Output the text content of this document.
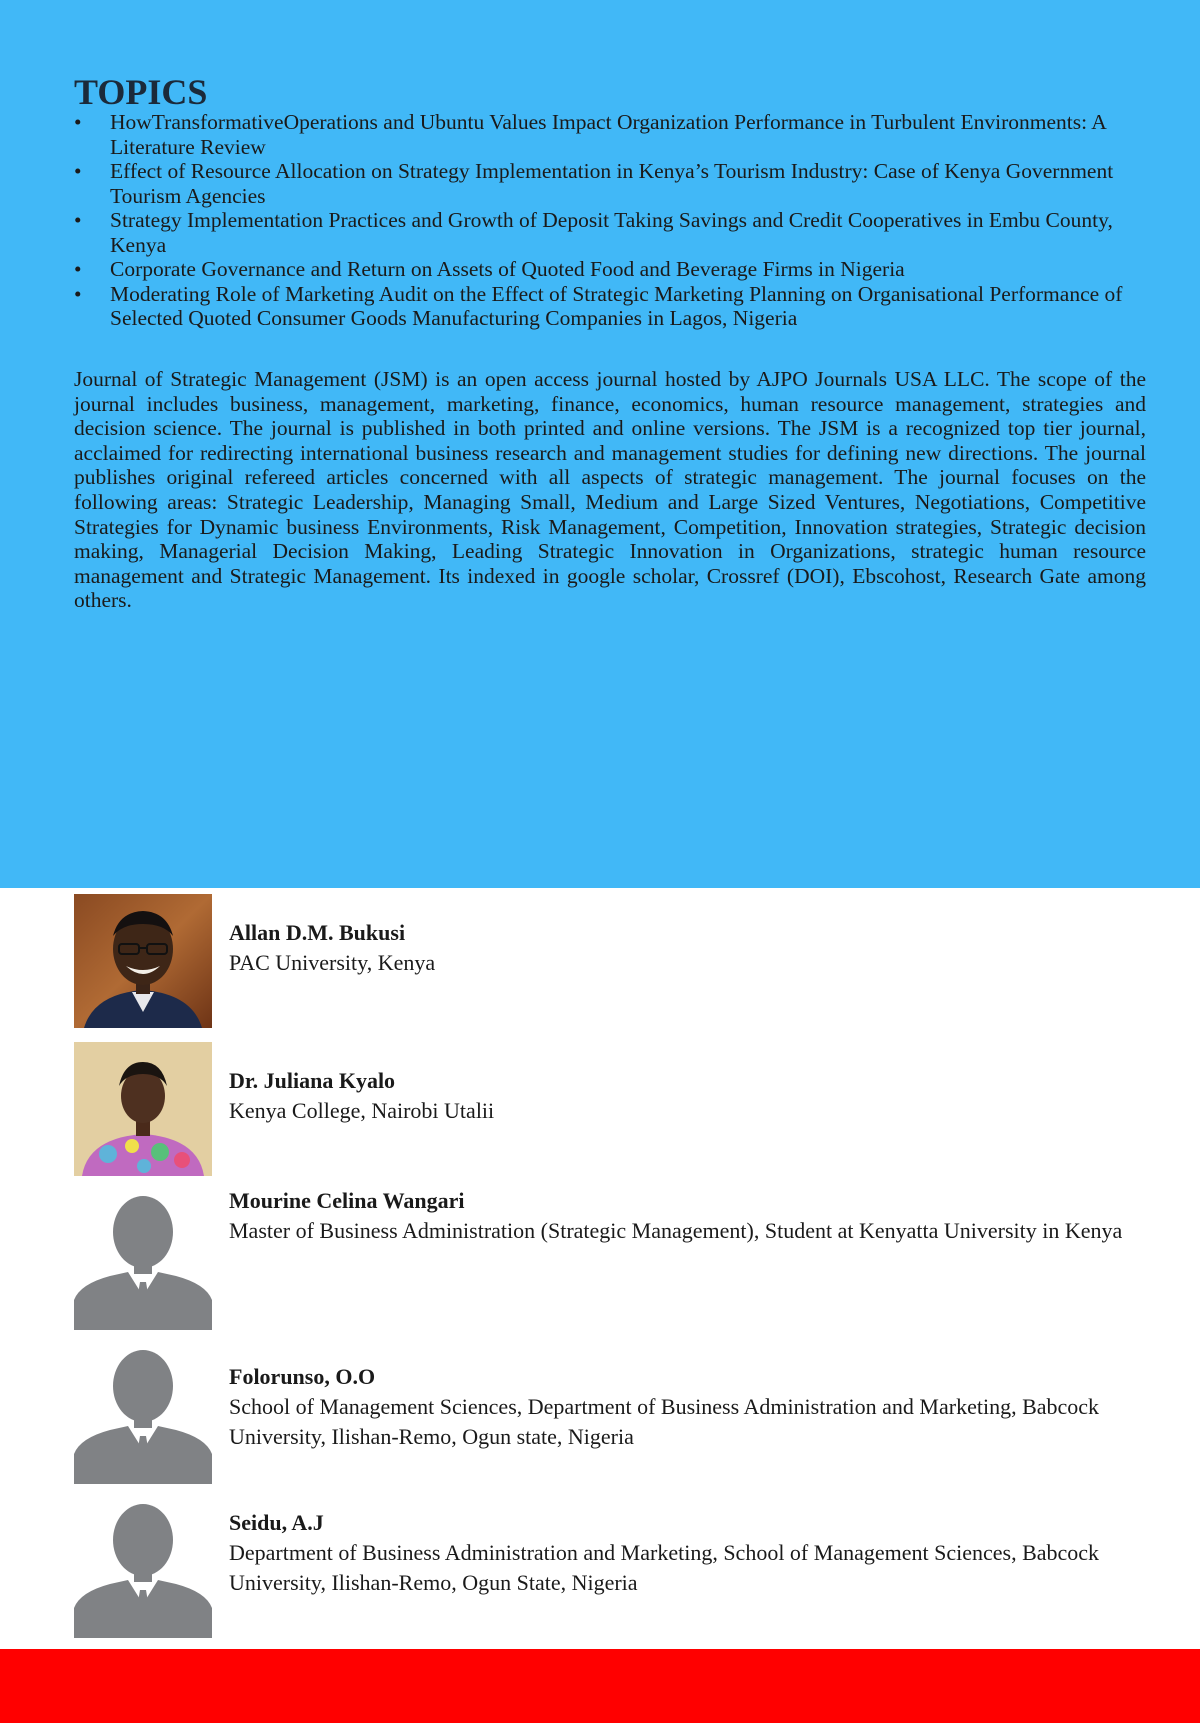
TOPICS
• HowTransformativeOperations and Ubuntu Values Impact Organization Performance in Turbulent Environments: A Literature Review
• Effect of Resource Allocation on Strategy Implementation in Kenya’s Tourism Industry: Case of Kenya Government Tourism Agencies
• Strategy Implementation Practices and Growth of Deposit Taking Savings and Credit Cooperatives in Embu County, Kenya
• Corporate Governance and Return on Assets of Quoted Food and Beverage Firms in Nigeria
• Moderating Role of Marketing Audit on the Effect of Strategic Marketing Planning on Organisational Performance of Selected Quoted Consumer Goods Manufacturing Companies in Lagos, Nigeria

Journal of Strategic Management (JSM) is an open access journal hosted by AJPO Journals USA LLC. The scope of the journal includes business, management, marketing, finance, economics, human resource management, strategies and decision science. The journal is published in both printed and online versions. The JSM is a recognized top tier journal, acclaimed for redirecting international business research and management studies for defining new directions. The journal publishes original refereed articles concerned with all aspects of strategic management. The journal focuses on the following areas: Strategic Leadership, Managing Small, Medium and Large Sized Ventures, Negotiations, Competitive Strategies for Dynamic business Environments, Risk Management, Competition, Innovation strategies, Strategic decision making, Managerial Decision Making, Leading Strategic Innovation in Organizations, strategic human resource management and Strategic Management. Its indexed in google scholar, Crossref (DOI), Ebscohost, Research Gate among others.

Allan D.M. Bukusi
PAC University, Kenya
Dr. Juliana Kyalo
Kenya College, Nairobi Utalii
Mourine Celina Wangari
Master of Business Administration (Strategic Management), Student at Kenyatta University in Kenya
Folorunso, O.O
School of Management Sciences, Department of Business Administration and Marketing, Babcock University, Ilishan-Remo, Ogun state, Nigeria
Seidu, A.J
Department of Business Administration and Marketing, School of Management Sciences, Babcock University, Ilishan-Remo, Ogun State, Nigeria
